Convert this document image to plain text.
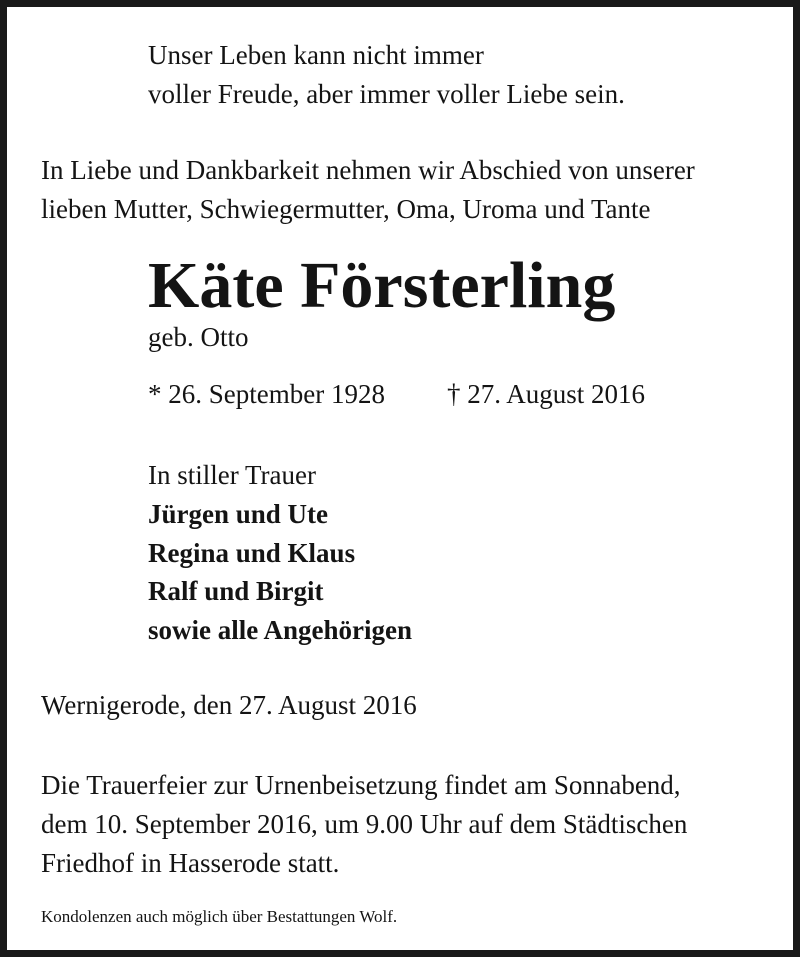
Unser Leben kann nicht immer
voller Freude, aber immer voller Liebe sein.
In Liebe und Dankbarkeit nehmen wir Abschied von unserer
lieben Mutter, Schwiegermutter, Oma, Uroma und Tante
Käte Försterling
geb. Otto
* 26. September 1928 † 27. August 2016
In stiller Trauer
Jürgen und Ute
Regina und Klaus
Ralf und Birgit
sowie alle Angehörigen
Wernigerode, den 27. August 2016
Die Trauerfeier zur Urnenbeisetzung findet am Sonnabend,
dem 10. September 2016, um 9.00 Uhr auf dem Städtischen
Friedhof in Hasserode statt.
Kondolenzen auch möglich über Bestattungen Wolf.
